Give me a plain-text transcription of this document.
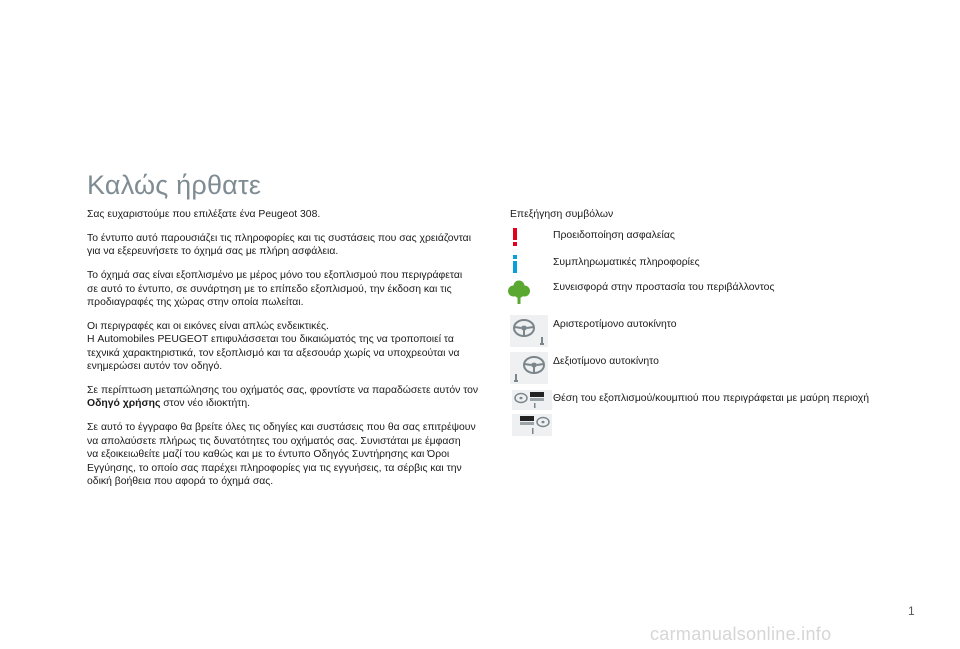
Καλώς ήρθατε

Σας ευχαριστούμε που επιλέξατε ένα Peugeot 308.

Το έντυπο αυτό παρουσιάζει τις πληροφορίες και τις συστάσεις που σας χρειάζονται
για να εξερευνήσετε το όχημά σας με πλήρη ασφάλεια.

Το όχημά σας είναι εξοπλισμένο με μέρος μόνο του εξοπλισμού που περιγράφεται
σε αυτό το έντυπο, σε συνάρτηση με το επίπεδο εξοπλισμού, την έκδοση και τις
προδιαγραφές της χώρας στην οποία πωλείται.

Οι περιγραφές και οι εικόνες είναι απλώς ενδεικτικές.
Η Automobiles PEUGEOT επιφυλάσσεται του δικαιώματός της να τροποποιεί τα
τεχνικά χαρακτηριστικά, τον εξοπλισμό και τα αξεσουάρ χωρίς να υποχρεούται να
ενημερώσει αυτόν τον οδηγό.

Σε περίπτωση μεταπώλησης του οχήματός σας, φροντίστε να παραδώσετε αυτόν τον
Οδηγό χρήσης στον νέο ιδιοκτήτη.

Σε αυτό το έγγραφο θα βρείτε όλες τις οδηγίες και συστάσεις που θα σας επιτρέψουν
να απολαύσετε πλήρως τις δυνατότητες του οχήματός σας. Συνιστάται με έμφαση
να εξοικειωθείτε μαζί του καθώς και με το έντυπο Οδηγός Συντήρησης και Όροι
Εγγύησης, το οποίο σας παρέχει πληροφορίες για τις εγγυήσεις, τα σέρβις και την
οδική βοήθεια που αφορά το όχημά σας.

Επεξήγηση συμβόλων
Προειδοποίηση ασφαλείας
Συμπληρωματικές πληροφορίες
Συνεισφορά στην προστασία του περιβάλλοντος
Αριστεροτίμονο αυτοκίνητο
Δεξιοτίμονο αυτοκίνητο
Θέση του εξοπλισμού/κουμπιού που περιγράφεται με μαύρη περιοχή
1
carmanualsonline.info
